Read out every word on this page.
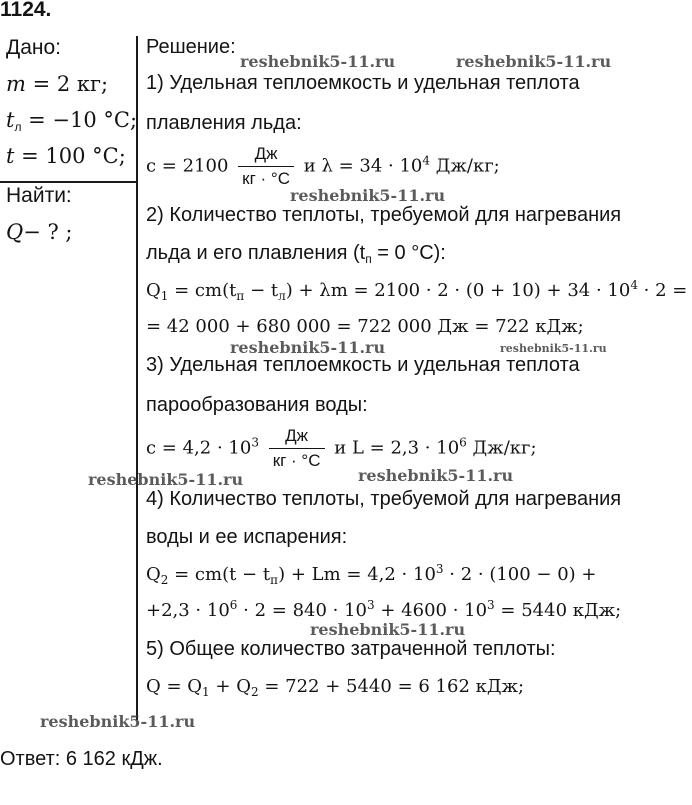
1124.
Дано:
m = 2 кг;
$t_л = -10$ °C;
t = 100 °C;
Найти:
Q− ? ;
Решение:
1) Удельная теплоемкость и удельная теплота
плавления льда:
$c = 2100 \frac{Дж}{кг \cdot ^\circ C}$ и $\lambda = 34 \cdot 10^4$ Дж/кг;
2) Количество теплоты, требуемой для нагревания
льда и его плавления ($t_п = 0$ °C):
$Q_1 = cm(t_п - t_л) + \lambda m = 2100 \cdot 2 \cdot (0 + 10) + 34 \cdot 10^4 \cdot 2$ =
= 42 000 + 680 000 = 722 000 Дж = 722 кДж;
3) Удельная теплоемкость и удельная теплота
парообразования воды:
$c = 4,2 \cdot 10^3 \frac{Дж}{кг \cdot ^\circ C}$ и $L = 2,3 \cdot 10^6$ Дж/кг;
4) Количество теплоты, требуемой для нагревания
воды и ее испарения:
$Q_2 = cm(t - t_п) + Lm = 4,2 \cdot 10^3 \cdot 2 \cdot (100 - 0)$ +
$+2,3 \cdot 10^6 \cdot 2 = 840 \cdot 10^3 + 4600 \cdot 10^3 = 5440$ кДж;
5) Общее количество затраченной теплоты:
$Q = Q_1 + Q_2 = 722 + 5440 = 6$ 162 кДж;
Ответ: 6 162 кДж.
reshebnik5-11.ru	reshebnik5-11.ru
reshebnik5-11.ru
reshebnik5-11.ru	reshebnik5-11.ru
reshebnik5-11.ru	reshebnik5-11.ru
reshebnik5-11.ru
reshebnik5-11.ru
